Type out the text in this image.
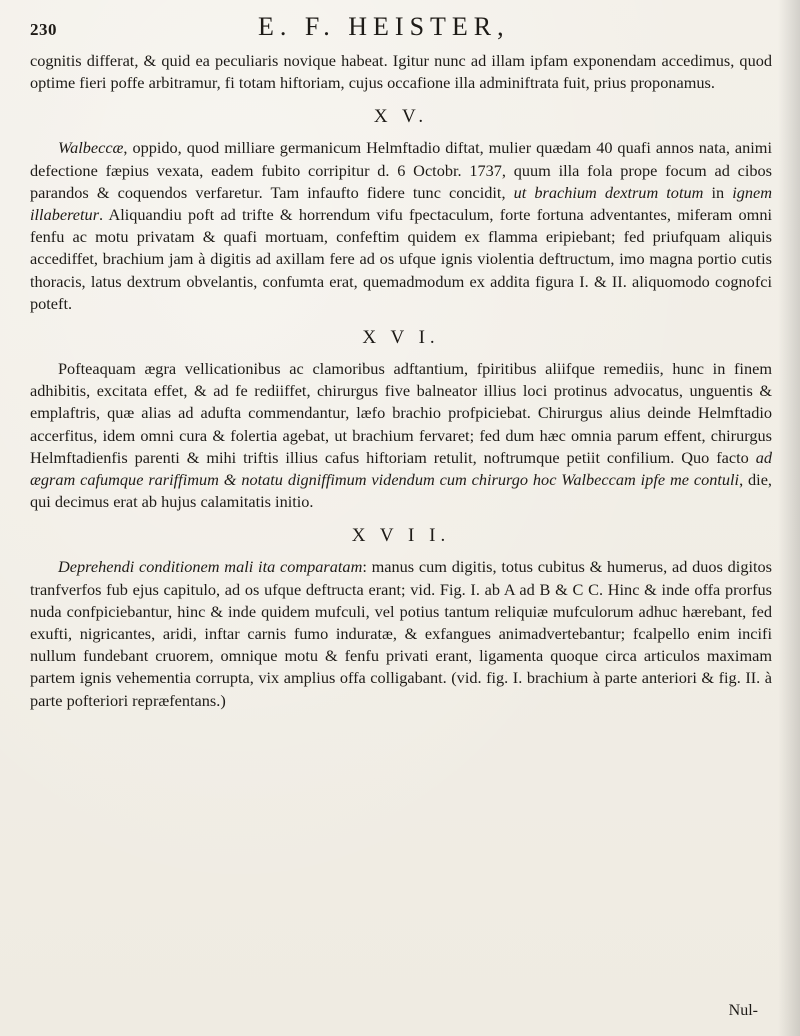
230	E. F. HEISTER,

cognitis differat, & quid ea peculiaris novique habeat. Igitur nunc ad illam ipfam exponendam accedimus, quod optime fieri poffe arbitramur, fi totam hiftoriam, cujus occafione illa adminiftrata fuit, prius proponamus.

X V.

Walbeccæ, oppido, quod milliare germanicum Helmftadio diftat, mulier quædam 40 quafi annos nata, animi defectione fæpius vexata, eadem fubito corripitur d. 6 Octobr. 1737, quum illa fola prope focum ad cibos parandos & coquendos verfaretur. Tam infaufto fidere tunc concidit, ut brachium dextrum totum in ignem illaberetur. Aliquandiu poft ad trifte & horrendum vifu fpectaculum, forte fortuna adventantes, miferam omni fenfu ac motu privatam & quafi mortuam, confeftim quidem ex flamma eripiebant; fed priufquam aliquis accediffet, brachium jam à digitis ad axillam fere ad os ufque ignis violentia deftructum, imo magna portio cutis thoracis, latus dextrum obvelantis, confumta erat, quemadmodum ex addita figura I. & II. aliquomodo cognofci poteft.

X V I.

Pofteaquam ægra vellicationibus ac clamoribus adftantium, fpiritibus aliifque remediis, hunc in finem adhibitis, excitata effet, & ad fe rediiffet, chirurgus five balneator illius loci protinus advocatus, unguentis & emplaftris, quæ alias ad adufta commendantur, læfo brachio profpiciebat. Chirurgus alius deinde Helmftadio accerfitus, idem omni cura & folertia agebat, ut brachium fervaret; fed dum hæc omnia parum effent, chirurgus Helmftadienfis parenti & mihi triftis illius cafus hiftoriam retulit, noftrumque petiit confilium. Quo facto ad ægram cafumque rariffimum & notatu digniffimum videndum cum chirurgo hoc Walbeccam ipfe me contuli, die, qui decimus erat ab hujus calamitatis initio.

X V I I.

Deprehendi conditionem mali ita comparatam: manus cum digitis, totus cubitus & humerus, ad duos digitos tranfverfos fub ejus capitulo, ad os ufque deftructa erant; vid. Fig. I. ab A ad B & C C. Hinc & inde offa prorfus nuda confpiciebantur, hinc & inde quidem mufculi, vel potius tantum reliquiæ mufculorum adhuc hærebant, fed exufti, nigricantes, aridi, inftar carnis fumo induratæ, & exfangues animadvertebantur; fcalpello enim incifi nullum fundebant cruorem, omnique motu & fenfu privati erant, ligamenta quoque circa articulos maximam partem ignis vehementia corrupta, vix amplius offa colligabant. (vid. fig. I. brachium à parte anteriori & fig. II. à parte pofteriori repræfentans.)

Nul-
